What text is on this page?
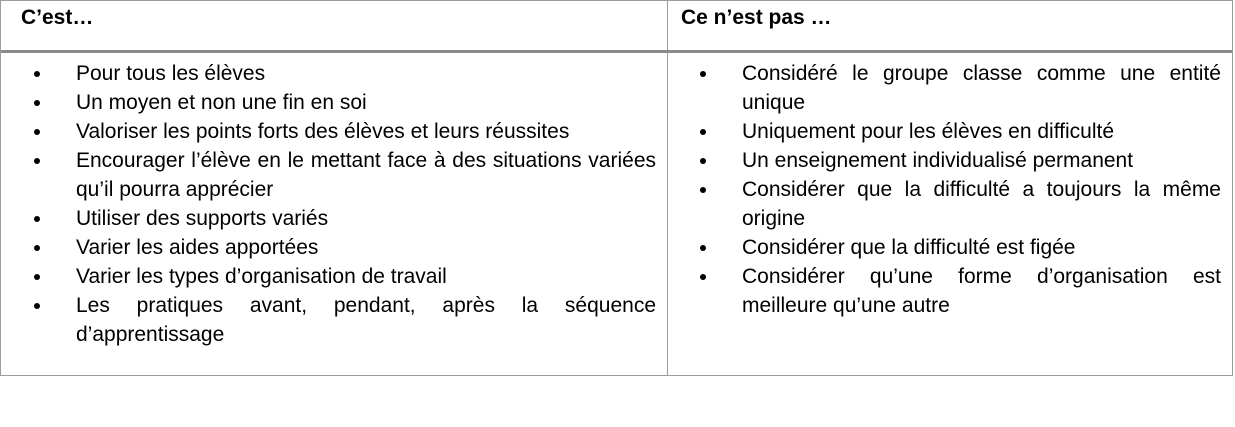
C’est…	Ce n’est pas …
Pour tous les élèves
Un moyen et non une fin en soi
Valoriser les points forts des élèves et leurs réussites
Encourager l’élève en le mettant face à des situations variées qu’il pourra apprécier
Utiliser des supports variés
Varier les aides apportées
Varier les types d’organisation de travail
Les pratiques avant, pendant, après la séquence d’apprentissage
Considéré le groupe classe comme une entité unique
Uniquement pour les élèves en difficulté
Un enseignement individualisé permanent
Considérer que la difficulté a toujours la même origine
Considérer que la difficulté est figée
Considérer qu’une forme d’organisation est meilleure qu’une autre
